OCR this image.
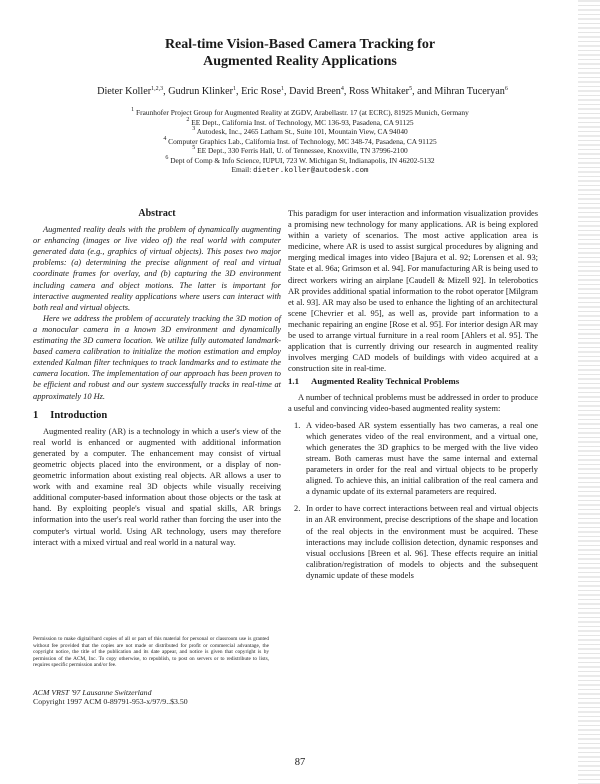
Real-time Vision-Based Camera Tracking for
Augmented Reality Applications
Dieter Koller$^{1,2,3}$, Gudrun Klinker$^1$, Eric Rose$^1$, David Breen$^4$, Ross Whitaker$^5$, and Mihran Tuceryan$^6$
$^1$ Fraunhofer Project Group for Augmented Reality at ZGDV, Arabellastr. 17 (at ECRC), 81925 Munich, Germany
$^2$ EE Dept., California Inst. of Technology, MC 136-93, Pasadena, CA 91125
$^3$ Autodesk, Inc., 2465 Latham St., Suite 101, Mountain View, CA 94040
$^4$ Computer Graphics Lab., California Inst. of Technology, MC 348-74, Pasadena, CA 91125
$^5$ EE Dept., 330 Ferris Hall, U. of Tennessee, Knoxville, TN 37996-2100
$^6$ Dept of Comp & Info Science, IUPUI, 723 W. Michigan St, Indianapolis, IN 46202-5132
Email: dieter.koller@autodesk.com
Abstract

Augmented reality deals with the problem of dynamically augmenting or enhancing (images or live video of) the real world with computer generated data (e.g., graphics of virtual objects). This poses two major problems: (a) determining the precise alignment of real and virtual coordinate frames for overlay, and (b) capturing the 3D environment including camera and object motions. The latter is important for interactive augmented reality applications where users can interact with both real and virtual objects.

Here we address the problem of accurately tracking the 3D motion of a monocular camera in a known 3D environment and dynamically estimating the 3D camera location. We utilize fully automated landmark-based camera calibration to initialize the motion estimation and employ extended Kalman filter techniques to track landmarks and to estimate the camera location. The implementation of our approach has been proven to be efficient and robust and our system successfully tracks in real-time at approximately 10 Hz.

1 Introduction

Augmented reality (AR) is a technology in which a user's view of the real world is enhanced or augmented with additional information generated by a computer. The enhancement may consist of virtual geometric objects placed into the environment, or a display of non-geometric information about existing real objects. AR allows a user to work with and examine real 3D objects while visually receiving additional computer-based information about those objects or the task at hand. By exploiting people's visual and spatial skills, AR brings information into the user's real world rather than forcing the user into the computer's virtual world. Using AR technology, users may therefore interact with a mixed virtual and real world in a natural way.

Permission to make digital/hard copies of all or part of this material for personal or classroom use is granted without fee provided that the copies are not made or distributed for profit or commercial advantage, the copyright notice, the title of the publication and its date appear, and notice is given that copyright is by permission of the ACM, Inc. To copy otherwise, to republish, to post on servers or to redistribute to lists, requires specific permission and/or fee.
ACM VRST '97 Lausanne Switzerland
Copyright 1997 ACM 0-89791-953-x/97/9..$3.50

This paradigm for user interaction and information visualization provides a promising new technology for many applications. AR is being explored within a variety of scenarios. The most active application area is medicine, where AR is used to assist surgical procedures by aligning and merging medical images into video [Bajura et al. 92; Lorensen et al. 93; State et al. 96a; Grimson et al. 94]. For manufacturing AR is being used to direct workers wiring an airplane [Caudell & Mizell 92]. In telerobotics AR provides additional spatial information to the robot operator [Milgram et al. 93]. AR may also be used to enhance the lighting of an architectural scene [Chevrier et al. 95], as well as, provide part information to a mechanic repairing an engine [Rose et al. 95]. For interior design AR may be used to arrange virtual furniture in a real room [Ahlers et al. 95]. The application that is currently driving our research in augmented reality involves merging CAD models of buildings with video acquired at a construction site in real-time.

1.1 Augmented Reality Technical Problems

A number of technical problems must be addressed in order to produce a useful and convincing video-based augmented reality system:

1. A video-based AR system essentially has two cameras, a real one which generates video of the real environment, and a virtual one, which generates the 3D graphics to be merged with the live video stream. Both cameras must have the same internal and external parameters in order for the real and virtual objects to be properly aligned. To achieve this, an initial calibration of the real camera and a dynamic update of its external parameters are required.
2. In order to have correct interactions between real and virtual objects in an AR environment, precise descriptions of the shape and location of the real objects in the environment must be acquired. These interactions may include collision detection, dynamic responses and visual occlusions [Breen et al. 96]. These effects require an initial calibration/registration of models to objects and the subsequent dynamic update of these models
87
